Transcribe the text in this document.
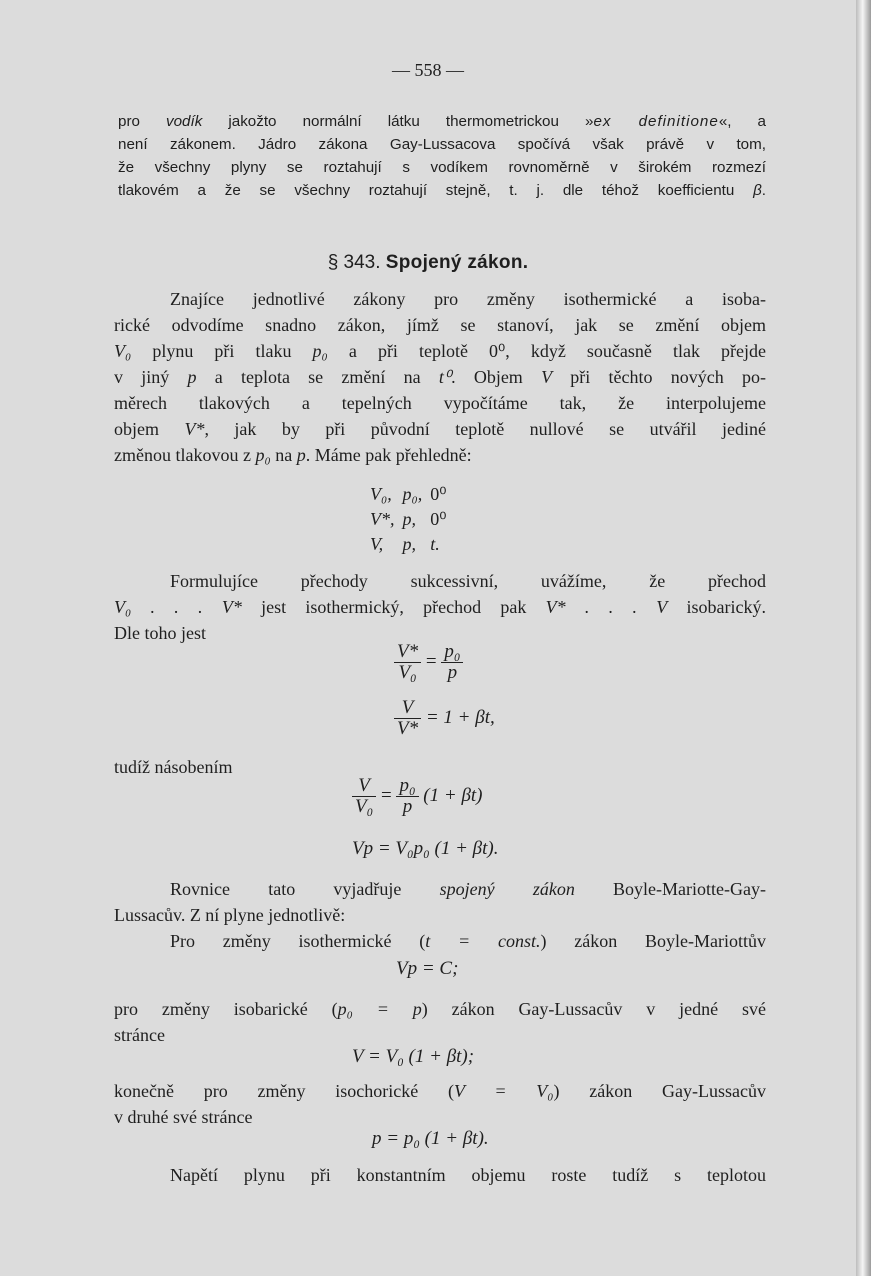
— 558 —
pro vodík jakožto normální látku thermometrickou »ex definitione«, a
není zákonem. Jádro zákona Gay-Lussacova spočívá však právě v tom,
že všechny plyny se roztahují s vodíkem rovnoměrně v širokém rozmezí
tlakovém a že se všechny roztahují stejně, t. j. dle téhož koefficientu β.
§ 343. Spojený zákon.
Znajíce jednotlivé zákony pro změny isothermické a isoba-
rické odvodíme snadno zákon, jímž se stanoví, jak se změní objem
V₀ plynu při tlaku p₀ a při teplotě 0⁰, když současně tlak přejde
v jiný p a teplota se změní na t⁰. Objem V při těchto nových po-
měrech tlakových a tepelných vypočítáme tak, že interpolujeme
objem V*, jak by při původní teplotě nullové se utvářil jediné
změnou tlakovou z p₀ na p. Máme pak přehledně:
V₀,	p₀,	0⁰
V*,	p,	0⁰
V,	p,	t.
Formulujíce přechody sukcessivní, uvážíme, že přechod
V₀ . . . V* jest isothermický, přechod pak V* . . . V isobarický.
Dle toho jest
$\frac{V*}{\text{V₀}} = \frac{\text{p₀}}{p}$
$\frac{V}{V*} = 1 + \beta t$,
tudíž násobením
$\frac{V}{\text{V₀}} = \frac{\text{p₀}}{p} (1 + \beta t)$
Vp = V₀p₀ (1 + βt).
Rovnice tato vyjadřuje spojený zákon Boyle-Mariotte-Gay-
Lussacův. Z ní plyne jednotlivě:
Pro změny isothermické (t = const.) zákon Boyle-Mariottův
Vp = C;
pro změny isobarické (p₀ = p) zákon Gay-Lussacův v jedné své
stránce
V = V₀ (1 + βt);
konečně pro změny isochorické (V = V₀) zákon Gay-Lussacův
v druhé své stránce
p = p₀ (1 + βt).
Napětí plynu při konstantním objemu roste tudíž s teplotou
